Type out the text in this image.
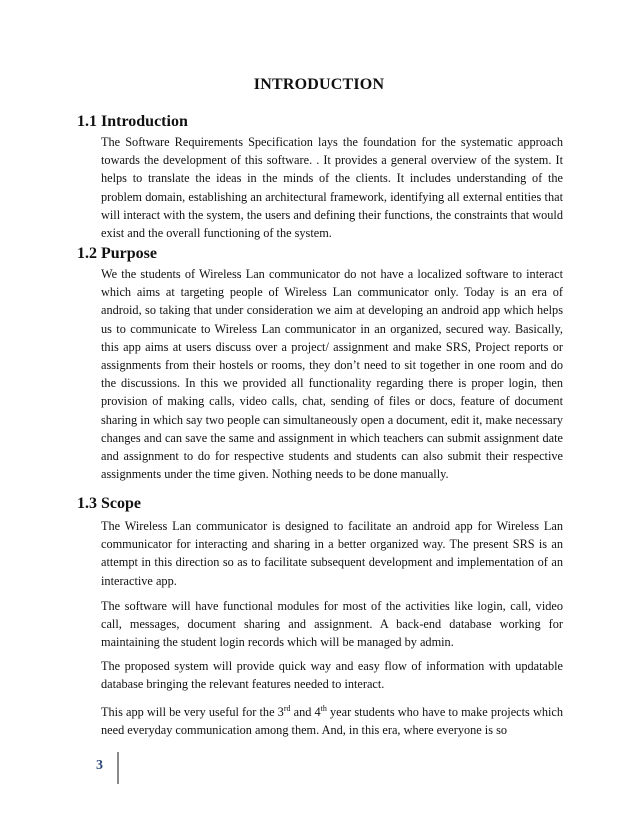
INTRODUCTION
1.1 Introduction
The Software Requirements Specification lays the foundation for the systematic approach towards the development of this software. . It provides a general overview of the system. It helps to translate the ideas in the minds of the clients. It includes understanding of the problem domain, establishing an architectural framework, identifying all external entities that will interact with the system, the users and defining their functions, the constraints that would exist and the overall functioning of the system.
1.2 Purpose
We the students of Wireless Lan communicator do not have a localized software to interact which aims at targeting people of Wireless Lan communicator only. Today is an era of android, so taking that under consideration we aim at developing an android app which helps us to communicate to Wireless Lan communicator in an organized, secured way. Basically, this app aims at users discuss over a project/ assignment and make SRS, Project reports or assignments from their hostels or rooms, they don’t need to sit together in one room and do the discussions. In this we provided all functionality regarding there is proper login, then provision of making calls, video calls, chat, sending of files or docs, feature of document sharing in which say two people can simultaneously open a document, edit it, make necessary changes and can save the same and assignment in which teachers can submit assignment date and assignment to do for respective students and students can also submit their respective assignments under the time given. Nothing needs to be done manually.
1.3 Scope
The Wireless Lan communicator is designed to facilitate an android app for Wireless Lan communicator for interacting and sharing in a better organized way. The present SRS is an attempt in this direction so as to facilitate subsequent development and implementation of an interactive app.
The software will have functional modules for most of the activities like login, call, video call, messages, document sharing and assignment. A back-end database working for maintaining the student login records which will be managed by admin.
The proposed system will provide quick way and easy flow of information with updatable database bringing the relevant features needed to interact.
This app will be very useful for the 3rd and 4th year students who have to make projects which need everyday communication among them. And, in this era, where everyone is so
3
